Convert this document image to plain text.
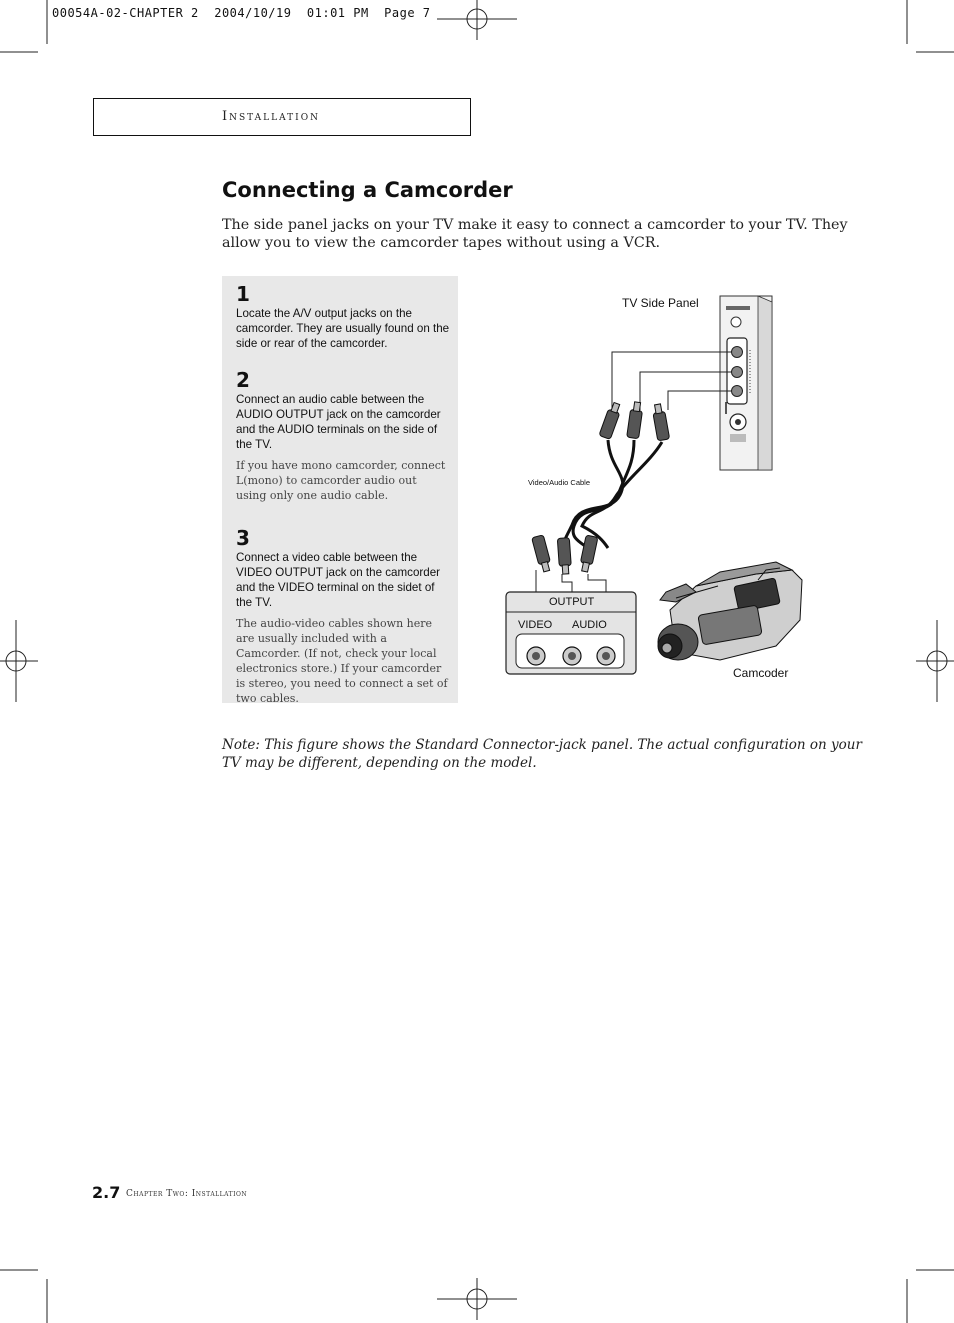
00054A-02-CHAPTER 2  2004/10/19  01:01 PM  Page 7
Installation
Connecting a Camcorder

The side panel jacks on your TV make it easy to connect a camcorder to your TV. They allow you to view the camcorder tapes without using a VCR.

1

Locate the A/V output jacks on the camcorder. They are usually found on the side or rear of the camcorder.

2

Connect an audio cable between the AUDIO OUTPUT jack on the camcorder and the AUDIO terminals on the side of the TV.

If you have mono camcorder, connect L(mono) to camcorder audio out using only one audio cable.

3

Connect a video cable between the VIDEO OUTPUT jack on the camcorder and the VIDEO terminal on the sidet of the TV.

The audio-video cables shown here are usually included with a Camcorder. (If not, check your local electronics store.) If your camcorder is stereo, you need to connect a set of two cables.

TV Side Panel
Video/Audio Cable
OUTPUT
VIDEO AUDIO
Camcoder

Note: This figure shows the Standard Connector-jack panel. The actual configuration on your TV may be different, depending on the model.

2.7 Chapter Two: Installation
